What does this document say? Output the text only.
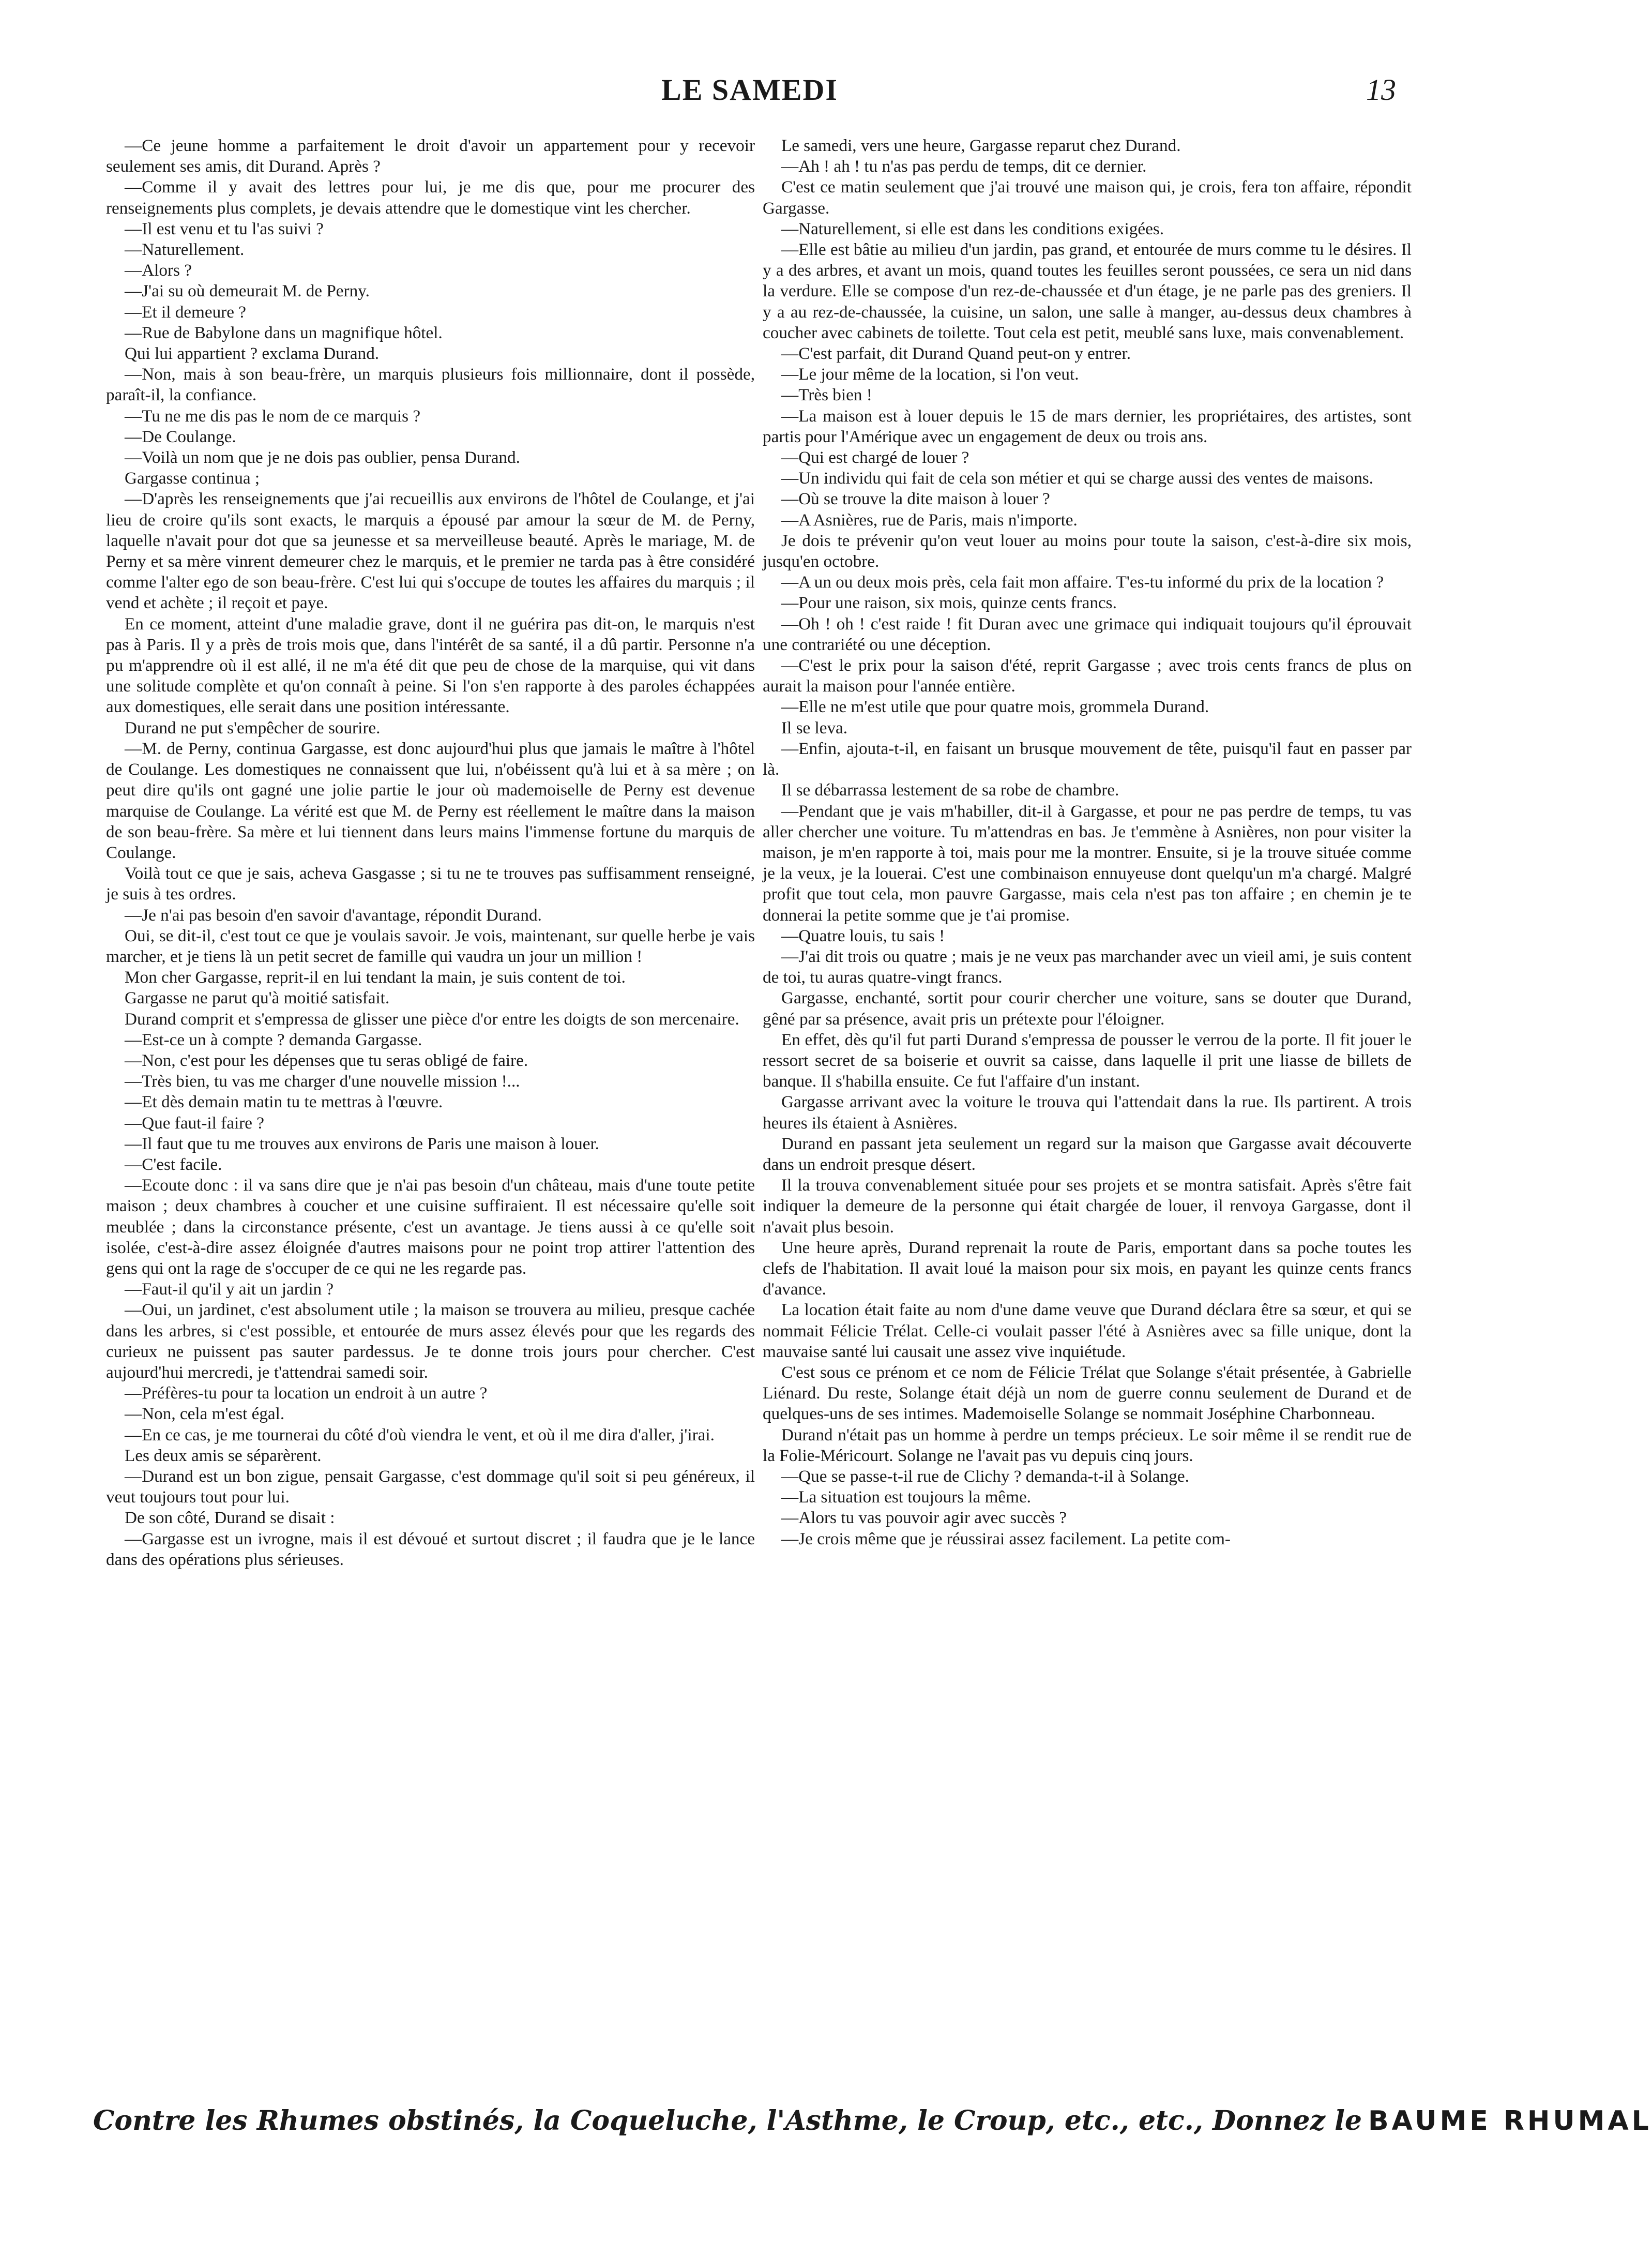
LE SAMEDI	13

—Ce jeune homme a parfaitement le droit d'avoir un appartement pour y recevoir seulement ses amis, dit Durand. Après ?

—Comme il y avait des lettres pour lui, je me dis que, pour me procurer des renseignements plus complets, je devais attendre que le domestique vint les chercher.

—Il est venu et tu l'as suivi ?

—Naturellement.

—Alors ?

—J'ai su où demeurait M. de Perny.

—Et il demeure ?

—Rue de Babylone dans un magnifique hôtel.

Qui lui appartient ? exclama Durand.

—Non, mais à son beau-frère, un marquis plusieurs fois millionnaire, dont il possède, paraît-il, la confiance.

—Tu ne me dis pas le nom de ce marquis ?

—De Coulange.

—Voilà un nom que je ne dois pas oublier, pensa Durand.

Gargasse continua ;

—D'après les renseignements que j'ai recueillis aux environs de l'hôtel de Coulange, et j'ai lieu de croire qu'ils sont exacts, le marquis a épousé par amour la sœur de M. de Perny, laquelle n'avait pour dot que sa jeunesse et sa merveilleuse beauté. Après le mariage, M. de Perny et sa mère vinrent demeurer chez le marquis, et le premier ne tarda pas à être considéré comme l'alter ego de son beau-frère. C'est lui qui s'occupe de toutes les affaires du marquis ; il vend et achète ; il reçoit et paye.

En ce moment, atteint d'une maladie grave, dont il ne guérira pas dit-on, le marquis n'est pas à Paris. Il y a près de trois mois que, dans l'intérêt de sa santé, il a dû partir. Personne n'a pu m'apprendre où il est allé, il ne m'a été dit que peu de chose de la marquise, qui vit dans une solitude complète et qu'on connaît à peine. Si l'on s'en rapporte à des paroles échappées aux domestiques, elle serait dans une position intéressante.

Durand ne put s'empêcher de sourire.

—M. de Perny, continua Gargasse, est donc aujourd'hui plus que jamais le maître à l'hôtel de Coulange. Les domestiques ne connaissent que lui, n'obéissent qu'à lui et à sa mère ; on peut dire qu'ils ont gagné une jolie partie le jour où mademoiselle de Perny est devenue marquise de Coulange. La vérité est que M. de Perny est réellement le maître dans la maison de son beau-frère. Sa mère et lui tiennent dans leurs mains l'immense fortune du marquis de Coulange.

Voilà tout ce que je sais, acheva Gasgasse ; si tu ne te trouves pas suffisamment renseigné, je suis à tes ordres.

—Je n'ai pas besoin d'en savoir d'avantage, répondit Durand.

Oui, se dit-il, c'est tout ce que je voulais savoir. Je vois, maintenant, sur quelle herbe je vais marcher, et je tiens là un petit secret de famille qui vaudra un jour un million !

Mon cher Gargasse, reprit-il en lui tendant la main, je suis content de toi.

Gargasse ne parut qu'à moitié satisfait.

Durand comprit et s'empressa de glisser une pièce d'or entre les doigts de son mercenaire.

—Est-ce un à compte ? demanda Gargasse.

—Non, c'est pour les dépenses que tu seras obligé de faire.

—Très bien, tu vas me charger d'une nouvelle mission !...

—Et dès demain matin tu te mettras à l'œuvre.

—Que faut-il faire ?

—Il faut que tu me trouves aux environs de Paris une maison à louer.

—C'est facile.

—Ecoute donc : il va sans dire que je n'ai pas besoin d'un château, mais d'une toute petite maison ; deux chambres à coucher et une cuisine suffiraient. Il est nécessaire qu'elle soit meublée ; dans la circonstance présente, c'est un avantage. Je tiens aussi à ce qu'elle soit isolée, c'est-à-dire assez éloignée d'autres maisons pour ne point trop attirer l'attention des gens qui ont la rage de s'occuper de ce qui ne les regarde pas.

—Faut-il qu'il y ait un jardin ?

—Oui, un jardinet, c'est absolument utile ; la maison se trouvera au milieu, presque cachée dans les arbres, si c'est possible, et entourée de murs assez élevés pour que les regards des curieux ne puissent pas sauter pardessus. Je te donne trois jours pour chercher. C'est aujourd'hui mercredi, je t'attendrai samedi soir.

—Préfères-tu pour ta location un endroit à un autre ?

—Non, cela m'est égal.

—En ce cas, je me tournerai du côté d'où viendra le vent, et où il me dira d'aller, j'irai.

Les deux amis se séparèrent.

—Durand est un bon zigue, pensait Gargasse, c'est dommage qu'il soit si peu généreux, il veut toujours tout pour lui.

De son côté, Durand se disait :

—Gargasse est un ivrogne, mais il est dévoué et surtout discret ; il faudra que je le lance dans des opérations plus sérieuses.

Le samedi, vers une heure, Gargasse reparut chez Durand.

—Ah ! ah ! tu n'as pas perdu de temps, dit ce dernier.

C'est ce matin seulement que j'ai trouvé une maison qui, je crois, fera ton affaire, répondit Gargasse.

—Naturellement, si elle est dans les conditions exigées.

—Elle est bâtie au milieu d'un jardin, pas grand, et entourée de murs comme tu le désires. Il y a des arbres, et avant un mois, quand toutes les feuilles seront poussées, ce sera un nid dans la verdure. Elle se compose d'un rez-de-chaussée et d'un étage, je ne parle pas des greniers. Il y a au rez-de-chaussée, la cuisine, un salon, une salle à manger, au-dessus deux chambres à coucher avec cabinets de toilette. Tout cela est petit, meublé sans luxe, mais convenablement.

—C'est parfait, dit Durand Quand peut-on y entrer.

—Le jour même de la location, si l'on veut.

—Très bien !

—La maison est à louer depuis le 15 de mars dernier, les propriétaires, des artistes, sont partis pour l'Amérique avec un engagement de deux ou trois ans.

—Qui est chargé de louer ?

—Un individu qui fait de cela son métier et qui se charge aussi des ventes de maisons.

—Où se trouve la dite maison à louer ?

—A Asnières, rue de Paris, mais n'importe.

Je dois te prévenir qu'on veut louer au moins pour toute la saison, c'est-à-dire six mois, jusqu'en octobre.

—A un ou deux mois près, cela fait mon affaire. T'es-tu informé du prix de la location ?

—Pour une raison, six mois, quinze cents francs.

—Oh ! oh ! c'est raide ! fit Duran avec une grimace qui indiquait toujours qu'il éprouvait une contrariété ou une déception.

—C'est le prix pour la saison d'été, reprit Gargasse ; avec trois cents francs de plus on aurait la maison pour l'année entière.

—Elle ne m'est utile que pour quatre mois, grommela Durand.

Il se leva.

—Enfin, ajouta-t-il, en faisant un brusque mouvement de tête, puisqu'il faut en passer par là.

Il se débarrassa lestement de sa robe de chambre.

—Pendant que je vais m'habiller, dit-il à Gargasse, et pour ne pas perdre de temps, tu vas aller chercher une voiture. Tu m'attendras en bas. Je t'emmène à Asnières, non pour visiter la maison, je m'en rapporte à toi, mais pour me la montrer. Ensuite, si je la trouve située comme je la veux, je la louerai. C'est une combinaison ennuyeuse dont quelqu'un m'a chargé. Malgré profit que tout cela, mon pauvre Gargasse, mais cela n'est pas ton affaire ; en chemin je te donnerai la petite somme que je t'ai promise.

—Quatre louis, tu sais !

—J'ai dit trois ou quatre ; mais je ne veux pas marchander avec un vieil ami, je suis content de toi, tu auras quatre-vingt francs.

Gargasse, enchanté, sortit pour courir chercher une voiture, sans se douter que Durand, gêné par sa présence, avait pris un prétexte pour l'éloigner.

En effet, dès qu'il fut parti Durand s'empressa de pousser le verrou de la porte. Il fit jouer le ressort secret de sa boiserie et ouvrit sa caisse, dans laquelle il prit une liasse de billets de banque. Il s'habilla ensuite. Ce fut l'affaire d'un instant.

Gargasse arrivant avec la voiture le trouva qui l'attendait dans la rue. Ils partirent. A trois heures ils étaient à Asnières.

Durand en passant jeta seulement un regard sur la maison que Gargasse avait découverte dans un endroit presque désert.

Il la trouva convenablement située pour ses projets et se montra satisfait. Après s'être fait indiquer la demeure de la personne qui était chargée de louer, il renvoya Gargasse, dont il n'avait plus besoin.

Une heure après, Durand reprenait la route de Paris, emportant dans sa poche toutes les clefs de l'habitation. Il avait loué la maison pour six mois, en payant les quinze cents francs d'avance.

La location était faite au nom d'une dame veuve que Durand déclara être sa sœur, et qui se nommait Félicie Trélat. Celle-ci voulait passer l'été à Asnières avec sa fille unique, dont la mauvaise santé lui causait une assez vive inquiétude.

C'est sous ce prénom et ce nom de Félicie Trélat que Solange s'était présentée, à Gabrielle Liénard. Du reste, Solange était déjà un nom de guerre connu seulement de Durand et de quelques-uns de ses intimes. Mademoiselle Solange se nommait Joséphine Charbonneau.

Durand n'était pas un homme à perdre un temps précieux. Le soir même il se rendit rue de la Folie-Méricourt. Solange ne l'avait pas vu depuis cinq jours.

—Que se passe-t-il rue de Clichy ? demanda-t-il à Solange.

—La situation est toujours la même.

—Alors tu vas pouvoir agir avec succès ?

—Je crois même que je réussirai assez facilement. La petite com-

Contre les Rhumes obstinés, la Coqueluche, l'Asthme, le Croup, etc., etc., Donnez le BAUME RHUMAL
